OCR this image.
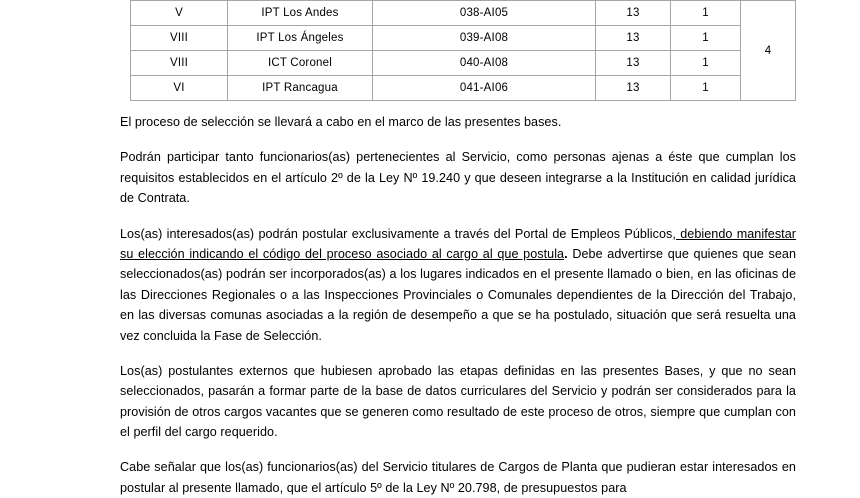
V	IPT Los Andes	038-AI05	13	1	4
VIII	IPT Los Ángeles	039-AI08	13	1	
VIII	ICT Coronel	040-AI08	13	1	
VI	IPT Rancagua	041-AI06	13	1	

El proceso de selección se llevará a cabo en el marco de las presentes bases.

Podrán participar tanto funcionarios(as) pertenecientes al Servicio, como personas ajenas a éste que cumplan los requisitos establecidos en el artículo 2º de la Ley Nº 19.240 y que deseen integrarse a la Institución en calidad jurídica de Contrata.

Los(as) interesados(as) podrán postular exclusivamente a través del Portal de Empleos Públicos, debiendo manifestar su elección indicando el código del proceso asociado al cargo al que postula. Debe advertirse que quienes que sean seleccionados(as) podrán ser incorporados(as) a los lugares indicados en el presente llamado o bien, en las oficinas de las Direcciones Regionales o a las Inspecciones Provinciales o Comunales dependientes de la Dirección del Trabajo, en las diversas comunas asociadas a la región de desempeño a que se ha postulado, situación que será resuelta una vez concluida la Fase de Selección.

Los(as) postulantes externos que hubiesen aprobado las etapas definidas en las presentes Bases, y que no sean seleccionados, pasarán a formar parte de la base de datos curriculares del Servicio y podrán ser considerados para la provisión de otros cargos vacantes que se generen como resultado de este proceso de otros, siempre que cumplan con el perfil del cargo requerido.

Cabe señalar que los(as) funcionarios(as) del Servicio titulares de Cargos de Planta que pudieran estar interesados en postular al presente llamado, que el artículo 5º de la Ley Nº 20.798, de presupuestos para
